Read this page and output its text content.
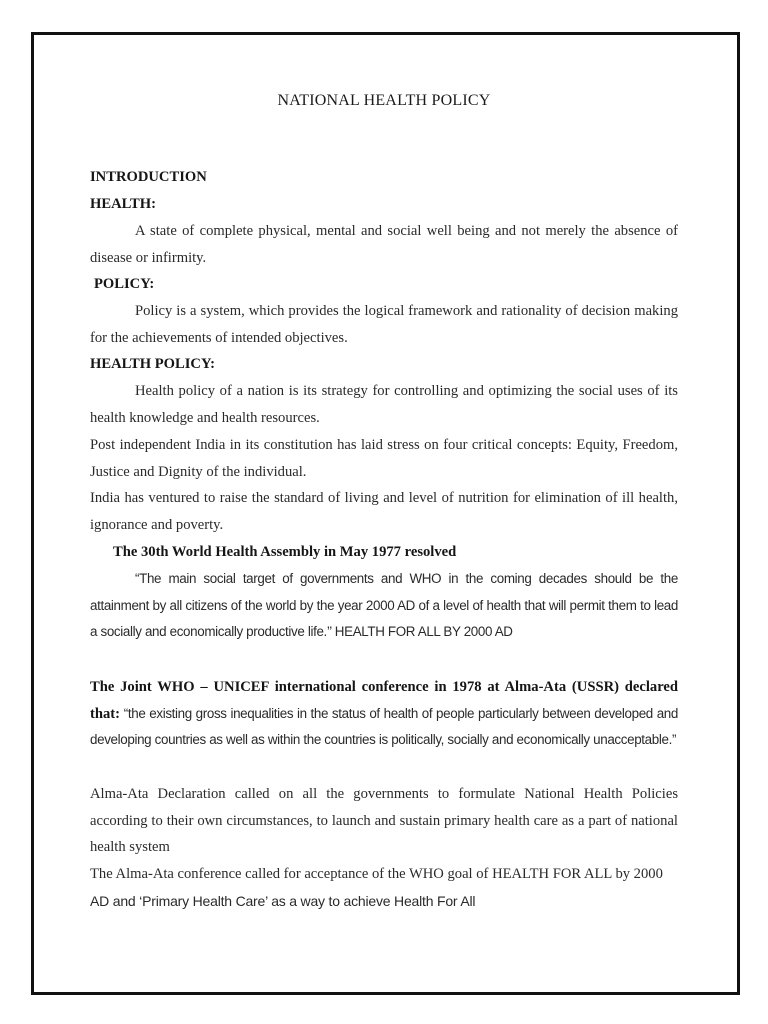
NATIONAL HEALTH POLICY
INTRODUCTION
HEALTH:
A state of complete physical, mental and social well being and not merely the absence of disease or infirmity.
POLICY:
Policy is a system, which provides the logical framework and rationality of decision making for the achievements of intended objectives.
HEALTH POLICY:
Health policy of a nation is its strategy for controlling and optimizing the social uses of its health knowledge and health resources.
Post independent India in its constitution has laid stress on four critical concepts: Equity, Freedom, Justice and Dignity of the individual.
India has ventured to raise the standard of living and level of nutrition for elimination of ill health, ignorance and poverty.
The 30th World Health Assembly in May 1977 resolved
“The main social target of governments and WHO in the coming decades should be the attainment by all citizens of the world by the year 2000 AD of a level of health that will permit them to lead a socially and economically productive life.’’ HEALTH FOR ALL BY 2000 AD
The Joint WHO – UNICEF international conference in 1978 at Alma-Ata (USSR) declared that: “the existing gross inequalities in the status of health of people particularly between developed and developing countries as well as within the countries is politically, socially and economically unacceptable.”
Alma-Ata Declaration called on all the governments to formulate National Health Policies according to their own circumstances, to launch and sustain primary health care as a part of national health system
The Alma-Ata conference called for acceptance of the WHO goal of HEALTH FOR ALL by 2000
AD and ‘Primary Health Care’ as a way to achieve Health For All
